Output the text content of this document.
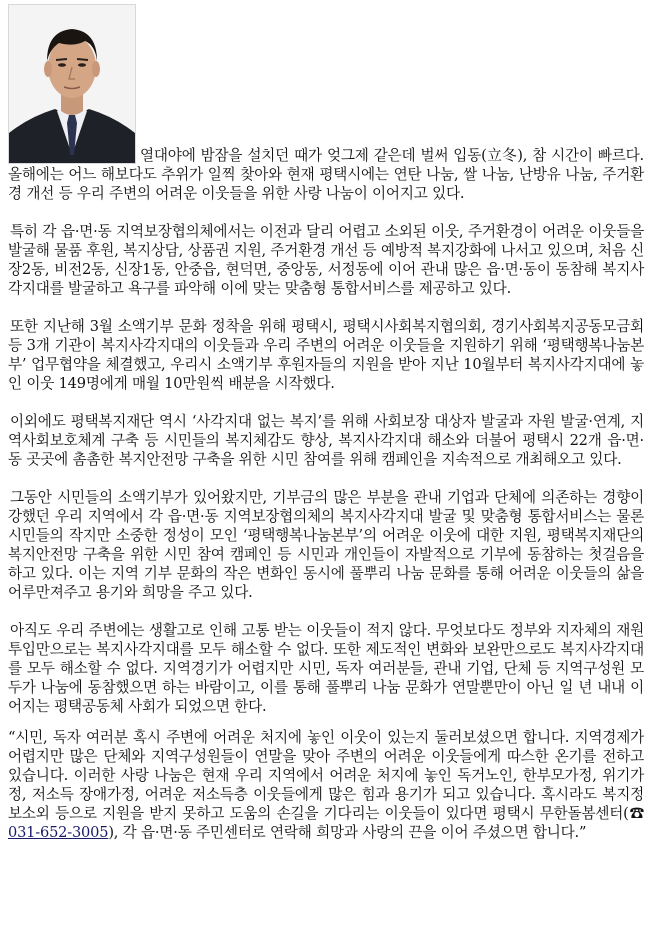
열대야에 밤잠을 설치던 때가 엊그제 같은데 벌써 입동(立冬), 참 시간이 빠르다. 올해에는 어느 해보다도 추위가 일찍 찾아와 현재 평택시에는 연탄 나눔, 쌀 나눔, 난방유 나눔, 주거환경 개선 등 우리 주변의 어려운 이웃들을 위한 사랑 나눔이 이어지고 있다.

특히 각 읍·면·동 지역보장협의체에서는 이전과 달리 어렵고 소외된 이웃, 주거환경이 어려운 이웃들을 발굴해 물품 후원, 복지상담, 상품권 지원, 주거환경 개선 등 예방적 복지강화에 나서고 있으며, 처음 신장2동, 비전2동, 신장1동, 안중읍, 현덕면, 중앙동, 서정동에 이어 관내 많은 읍·면·동이 동참해 복지사각지대를 발굴하고 욕구를 파악해 이에 맞는 맞춤형 통합서비스를 제공하고 있다.

또한 지난해 3월 소액기부 문화 정착을 위해 평택시, 평택시사회복지협의회, 경기사회복지공동모금회 등 3개 기관이 복지사각지대의 이웃들과 우리 주변의 어려운 이웃들을 지원하기 위해 ‘평택행복나눔본부’ 업무협약을 체결했고, 우리시 소액기부 후원자들의 지원을 받아 지난 10월부터 복지사각지대에 놓인 이웃 149명에게 매월 10만원씩 배분을 시작했다.

이외에도 평택복지재단 역시 ‘사각지대 없는 복지’를 위해 사회보장 대상자 발굴과 자원 발굴·연계, 지역사회보호체계 구축 등 시민들의 복지체감도 향상, 복지사각지대 해소와 더불어 평택시 22개 읍·면·동 곳곳에 촘촘한 복지안전망 구축을 위한 시민 참여를 위해 캠페인을 지속적으로 개최해오고 있다.

그동안 시민들의 소액기부가 있어왔지만, 기부금의 많은 부분을 관내 기업과 단체에 의존하는 경향이 강했던 우리 지역에서 각 읍·면·동 지역보장협의체의 복지사각지대 발굴 및 맞춤형 통합서비스는 물론 시민들의 작지만 소중한 정성이 모인 ‘평택행복나눔본부’의 어려운 이웃에 대한 지원, 평택복지재단의 복지안전망 구축을 위한 시민 참여 캠페인 등 시민과 개인들이 자발적으로 기부에 동참하는 첫걸음을 하고 있다. 이는 지역 기부 문화의 작은 변화인 동시에 풀뿌리 나눔 문화를 통해 어려운 이웃들의 삶을 어루만져주고 용기와 희망을 주고 있다.

아직도 우리 주변에는 생활고로 인해 고통 받는 이웃들이 적지 않다. 무엇보다도 정부와 지자체의 재원 투입만으로는 복지사각지대를 모두 해소할 수 없다. 또한 제도적인 변화와 보완만으로도 복지사각지대를 모두 해소할 수 없다. 지역경기가 어렵지만 시민, 독자 여러분들, 관내 기업, 단체 등 지역구성원 모두가 나눔에 동참했으면 하는 바람이고, 이를 통해 풀뿌리 나눔 문화가 연말뿐만이 아닌 일 년 내내 이어지는 평택공동체 사회가 되었으면 한다.

“시민, 독자 여러분 혹시 주변에 어려운 처지에 놓인 이웃이 있는지 둘러보셨으면 합니다. 지역경제가 어렵지만 많은 단체와 지역구성원들이 연말을 맞아 주변의 어려운 이웃들에게 따스한 온기를 전하고 있습니다. 이러한 사랑 나눔은 현재 우리 지역에서 어려운 처지에 놓인 독거노인, 한부모가정, 위기가정, 저소득 장애가정, 어려운 저소득층 이웃들에게 많은 힘과 용기가 되고 있습니다. 혹시라도 복지정보소외 등으로 지원을 받지 못하고 도움의 손길을 기다리는 이웃들이 있다면 평택시 무한돌봄센터(☎ 031-652-3005), 각 읍·면·동 주민센터로 연락해 희망과 사랑의 끈을 이어 주셨으면 합니다.”
